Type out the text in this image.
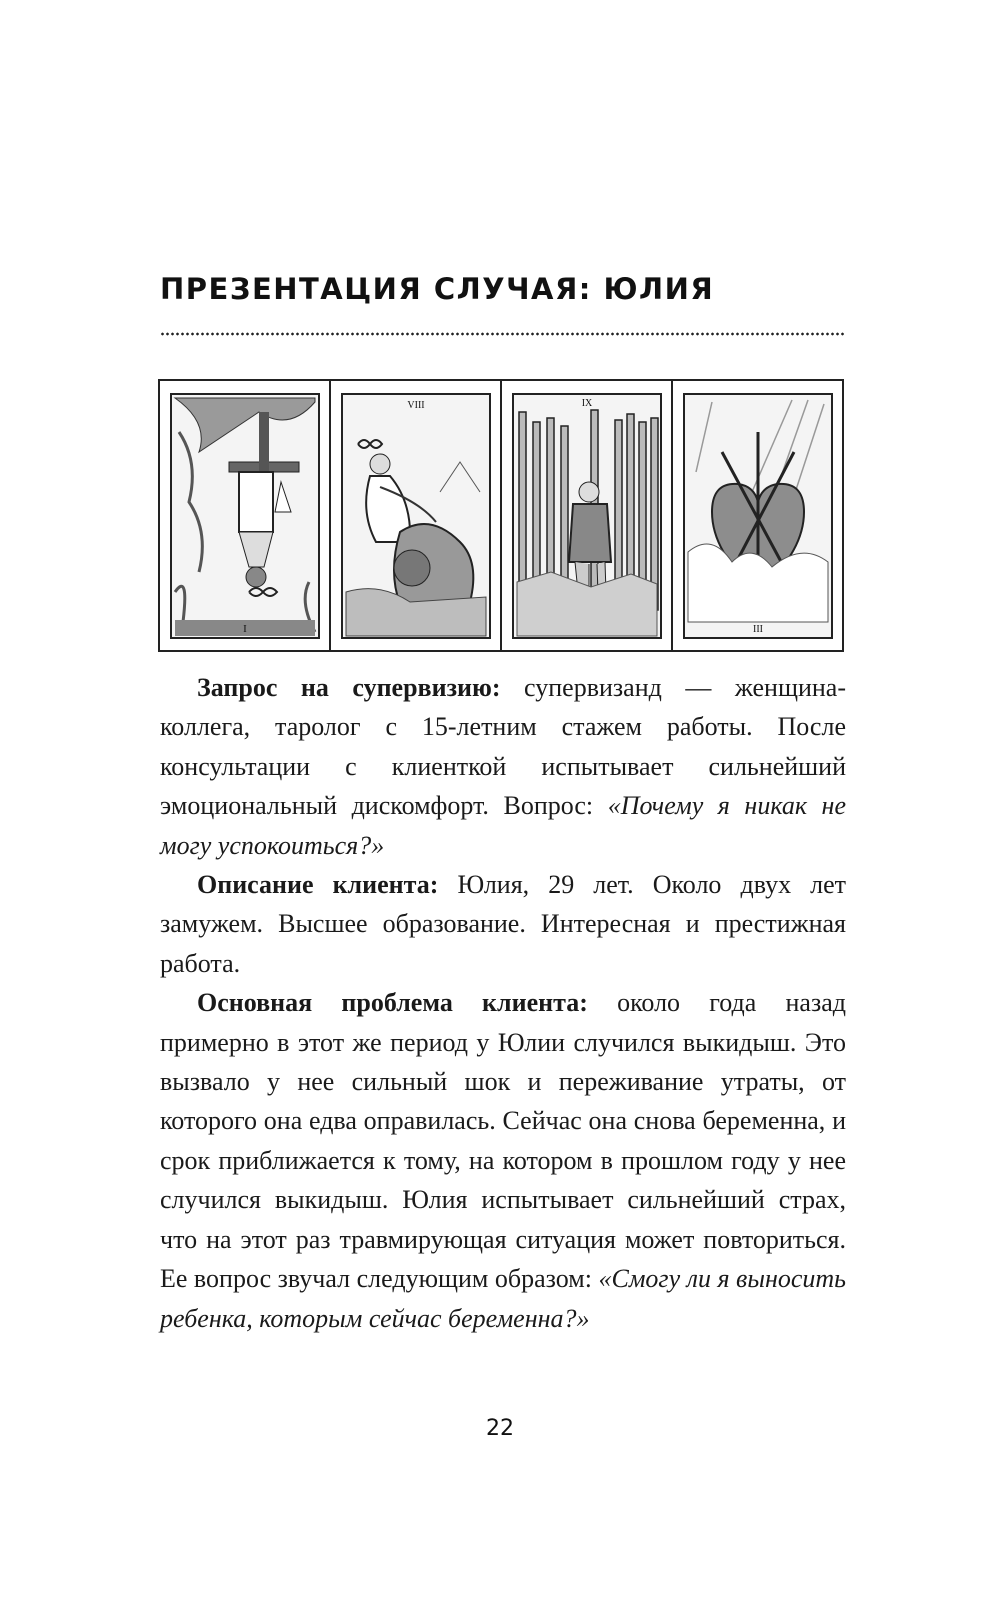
ПРЕЗЕНТАЦИЯ СЛУЧАЯ: ЮЛИЯ
I
VIII	IX
III

Запрос на супервизию: супервизанд — женщина-коллега, таролог с 15-летним стажем работы. После консультации с клиенткой испытывает сильнейший эмоциональный дискомфорт. Вопрос: «Почему я никак не могу успокоиться?»

Описание клиента: Юлия, 29 лет. Около двух лет замужем. Высшее образование. Интересная и престижная работа.

Основная проблема клиента: около года назад примерно в этот же период у Юлии случился выкидыш. Это вызвало у нее сильный шок и переживание утраты, от которого она едва оправилась. Сейчас она снова беременна, и срок приближается к тому, на котором в прошлом году у нее случился выкидыш. Юлия испытывает сильнейший страх, что на этот раз травмирующая ситуация может повториться. Ее вопрос звучал следующим образом: «Смогу ли я выносить ребенка, которым сейчас беременна?»

22
